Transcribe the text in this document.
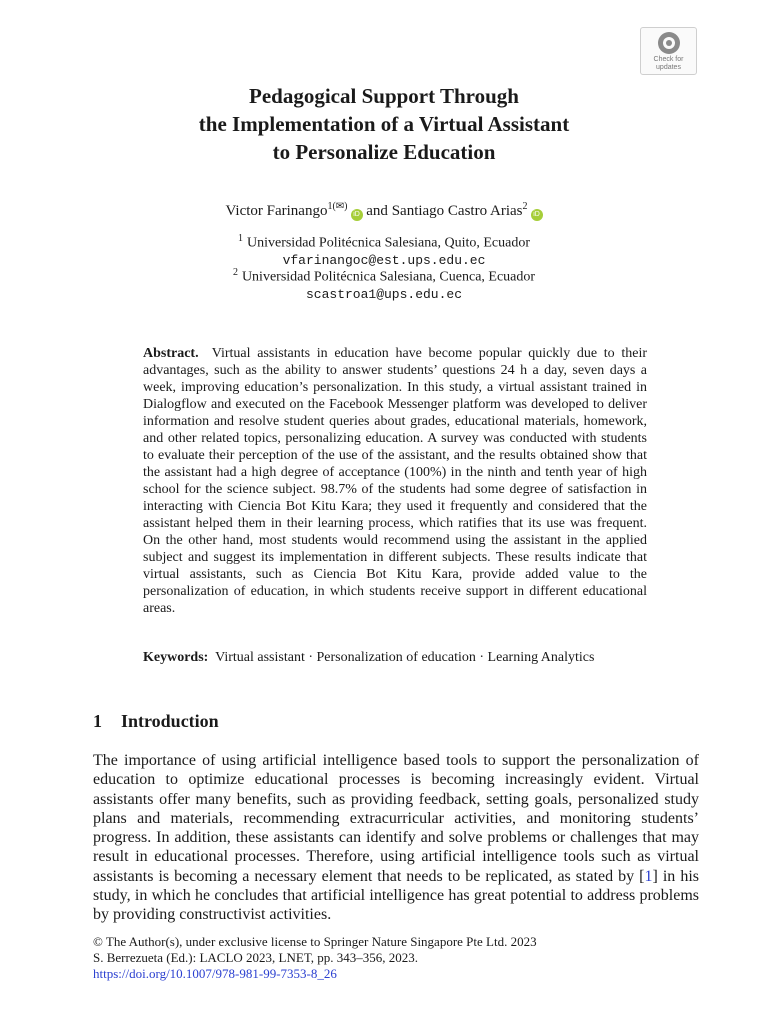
Check for
updates
Pedagogical Support Through
the Implementation of a Virtual Assistant
to Personalize Education
Victor Farinango$^{1(✉)}$iD and Santiago Castro Arias$^2$iD
$^1$ Universidad Politécnica Salesiana, Quito, Ecuador
vfarinangoc@est.ups.edu.ec
$^2$ Universidad Politécnica Salesiana, Cuenca, Ecuador
scastroa1@ups.edu.ec

Abstract. Virtual assistants in education have become popular quickly due to their advantages, such as the ability to answer students’ questions 24 h a day, seven days a week, improving education’s personalization. In this study, a virtual assistant trained in Dialogflow and executed on the Facebook Messenger platform was developed to deliver information and resolve student queries about grades, educational materials, homework, and other related topics, personalizing education. A survey was conducted with students to evaluate their perception of the use of the assistant, and the results obtained show that the assistant had a high degree of acceptance (100%) in the ninth and tenth year of high school for the science subject. 98.7% of the students had some degree of satisfaction in interacting with Ciencia Bot Kitu Kara; they used it frequently and considered that the assistant helped them in their learning process, which ratifies that its use was frequent. On the other hand, most students would recommend using the assistant in the applied subject and suggest its implementation in different subjects. These results indicate that virtual assistants, such as Ciencia Bot Kitu Kara, provide added value to the personalization of education, in which students receive support in different educational areas.

Keywords: Virtual assistant · Personalization of education · Learning Analytics

1 Introduction

The importance of using artificial intelligence based tools to support the personalization of education to optimize educational processes is becoming increasingly evident. Virtual assistants offer many benefits, such as providing feedback, setting goals, personalized study plans and materials, recommending extracurricular activities, and monitoring students’ progress. In addition, these assistants can identify and solve problems or challenges that may result in educational processes. Therefore, using artificial intelligence tools such as virtual assistants is becoming a necessary element that needs to be replicated, as stated by [1] in his study, in which he concludes that artificial intelligence has great potential to address problems by providing constructivist activities.

© The Author(s), under exclusive license to Springer Nature Singapore Pte Ltd. 2023
S. Berrezueta (Ed.): LACLO 2023, LNET, pp. 343–356, 2023.
https://doi.org/10.1007/978-981-99-7353-8_26
